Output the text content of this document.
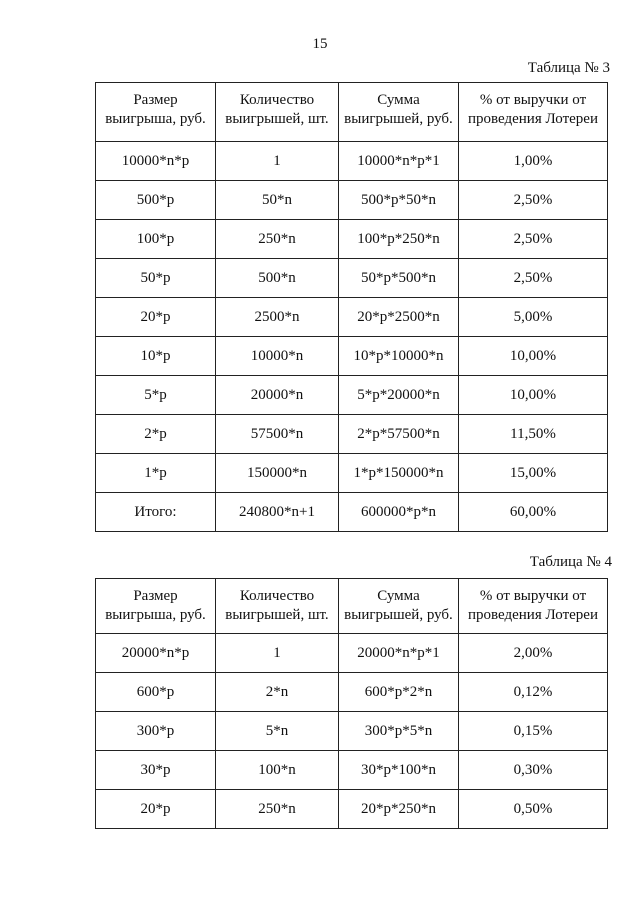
15
Таблица № 3
Размер выигрыша, руб.	Количество выигрышей, шт.	Сумма выигрышей, руб.	% от выручки от проведения Лотереи
10000*n*p	1	10000*n*p*1	1,00%
500*p	50*n	500*p*50*n	2,50%
100*p	250*n	100*p*250*n	2,50%
50*p	500*n	50*p*500*n	2,50%
20*p	2500*n	20*p*2500*n	5,00%
10*p	10000*n	10*p*10000*n	10,00%
5*p	20000*n	5*p*20000*n	10,00%
2*p	57500*n	2*p*57500*n	11,50%
1*p	150000*n	1*p*150000*n	15,00%
Итого:	240800*n+1	600000*p*n	60,00%
Таблица № 4
Размер выигрыша, руб.	Количество выигрышей, шт.	Сумма выигрышей, руб.	% от выручки от проведения Лотереи
20000*n*p	1	20000*n*p*1	2,00%
600*p	2*n	600*p*2*n	0,12%
300*p	5*n	300*p*5*n	0,15%
30*p	100*n	30*p*100*n	0,30%
20*p	250*n	20*p*250*n	0,50%
